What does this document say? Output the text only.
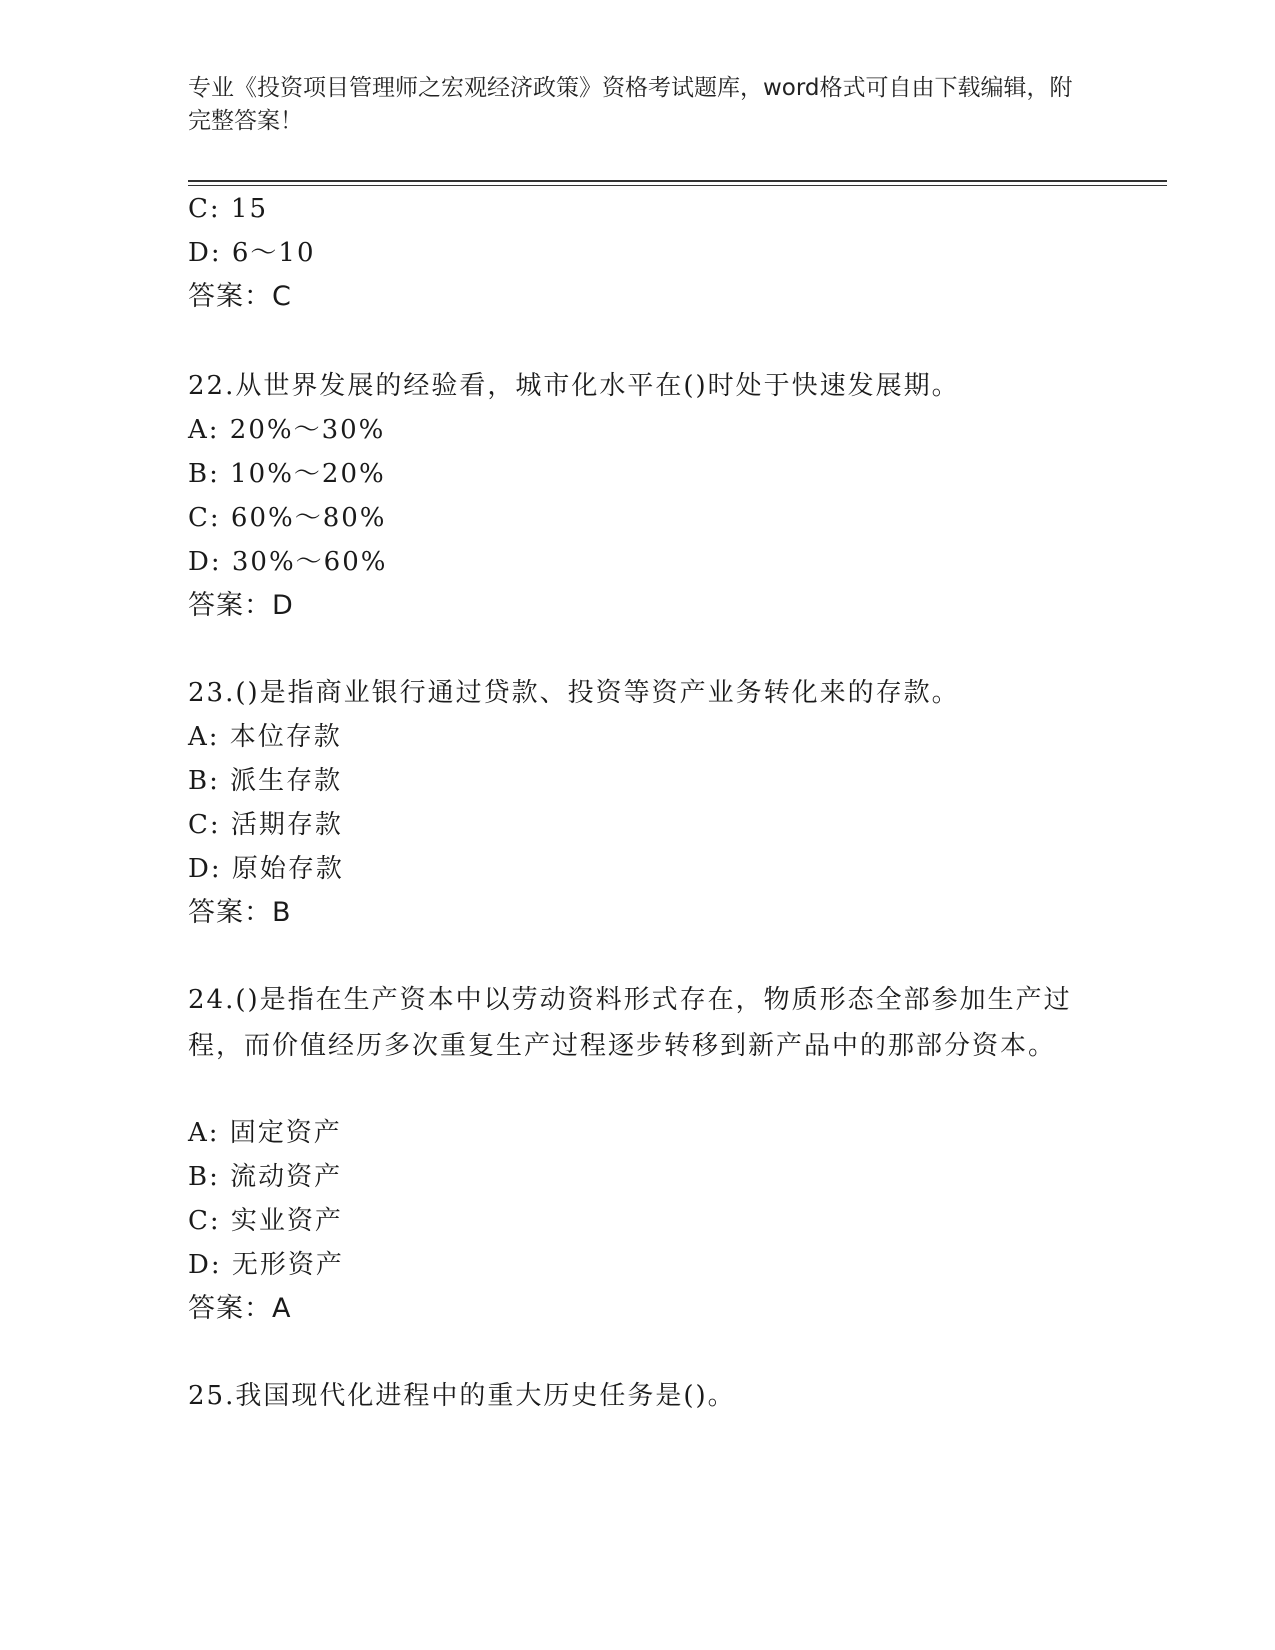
专业《投资项目管理师之宏观经济政策》资格考试题库，word格式可自由下载编辑，附完整答案！
C: 15
D: 6～10
答案：C
22.从世界发展的经验看，城市化水平在()时处于快速发展期。
A: 20%～30%
B: 10%～20%
C: 60%～80%
D: 30%～60%
答案：D
23.()是指商业银行通过贷款、投资等资产业务转化来的存款。
A: 本位存款
B: 派生存款
C: 活期存款
D: 原始存款
答案：B
24.()是指在生产资本中以劳动资料形式存在，物质形态全部参加生产过程，而价值经历多次重复生产过程逐步转移到新产品中的那部分资本。
A: 固定资产
B: 流动资产
C: 实业资产
D: 无形资产
答案：A
25.我国现代化进程中的重大历史任务是()。
